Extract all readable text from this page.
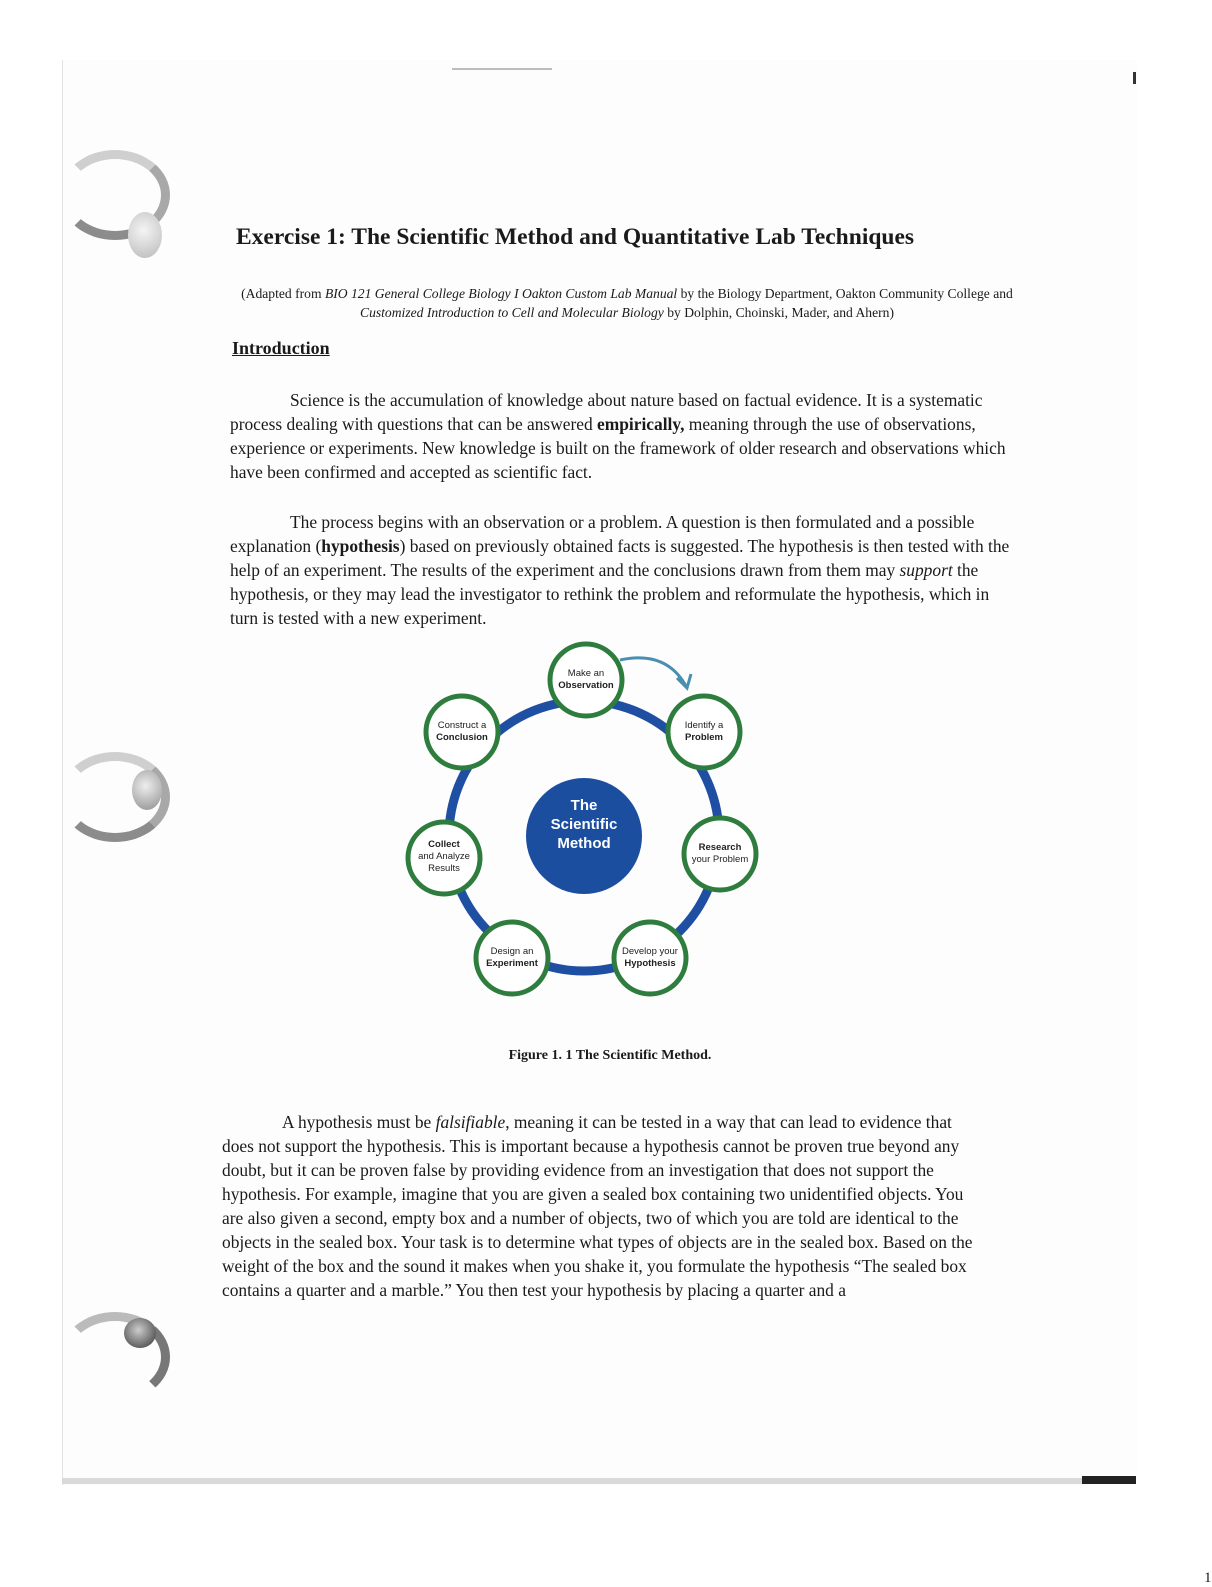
Exercise 1: The Scientific Method and Quantitative Lab Techniques

(Adapted from BIO 121 General College Biology I Oakton Custom Lab Manual by the Biology Department, Oakton Community College and Customized Introduction to Cell and Molecular Biology by Dolphin, Choinski, Mader, and Ahern)

Introduction

Science is the accumulation of knowledge about nature based on factual evidence. It is a systematic process dealing with questions that can be answered empirically, meaning through the use of observations, experience or experiments. New knowledge is built on the framework of older research and observations which have been confirmed and accepted as scientific fact.

The process begins with an observation or a problem. A question is then formulated and a possible explanation (hypothesis) based on previously obtained facts is suggested. The hypothesis is then tested with the help of an experiment. The results of the experiment and the conclusions drawn from them may support the hypothesis, or they may lead the investigator to rethink the problem and reformulate the hypothesis, which in turn is tested with a new experiment.

A hypothesis must be falsifiable, meaning it can be tested in a way that can lead to evidence that does not support the hypothesis. This is important because a hypothesis cannot be proven true beyond any doubt, but it can be proven false by providing evidence from an investigation that does not support the hypothesis. For example, imagine that you are given a sealed box containing two unidentified objects. You are also given a second, empty box and a number of objects, two of which you are told are identical to the objects in the sealed box. Your task is to determine what types of objects are in the sealed box. Based on the weight of the box and the sound it makes when you shake it, you formulate the hypothesis “The sealed box contains a quarter and a marble.” You then test your hypothesis by placing a quarter and a

1

The
Scientific
Method
Make an
Observation
Identify a
Problem
Research
your Problem
Develop your
Hypothesis
Design an
Experiment
Collect
and Analyze
Results
Construct a
Conclusion

Figure 1. 1 The Scientific Method.
